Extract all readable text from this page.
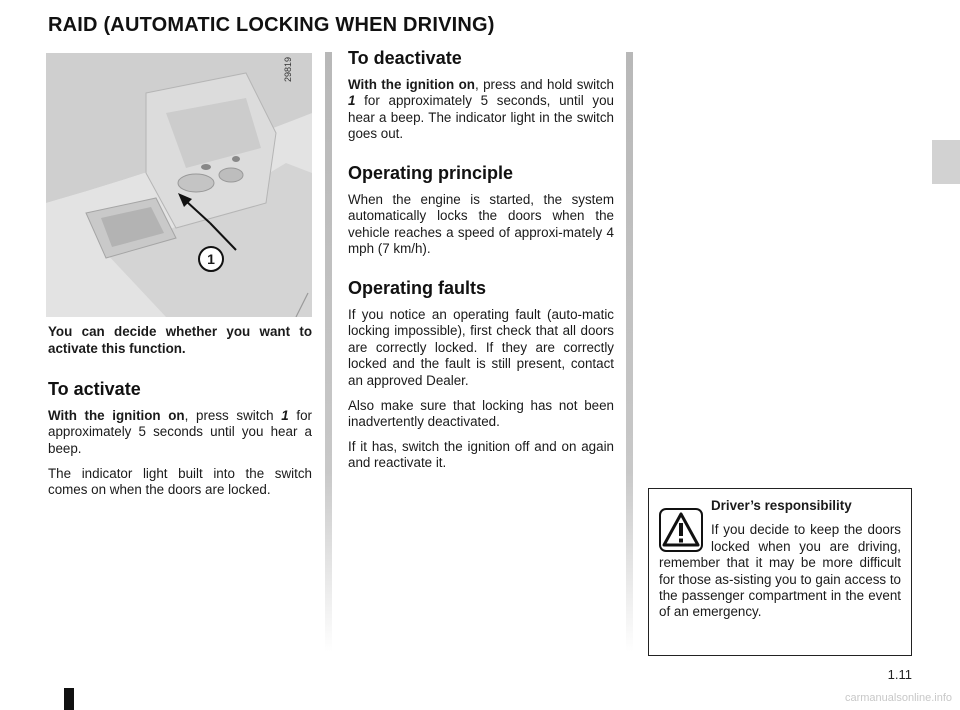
RAID (AUTOMATIC LOCKING WHEN DRIVING)
29819
1

You can decide whether you want to activate this function.

To activate

With the ignition on, press switch 1 for approximately 5 seconds until you hear a beep.

The indicator light built into the switch comes on when the doors are locked.

To deactivate

With the ignition on, press and hold switch 1 for approximately 5 seconds, until you hear a beep. The indicator light in the switch goes out.

Operating principle

When the engine is started, the system automatically locks the doors when the vehicle reaches a speed of approxi-mately 4 mph (7 km/h).

Operating faults

If you notice an operating fault (auto-matic locking impossible), first check that all doors are correctly locked. If they are correctly locked and the fault is still present, contact an approved Dealer.

Also make sure that locking has not been inadvertently deactivated.

If it has, switch the ignition off and on again and reactivate it.

Driver’s responsibility

If you decide to keep the doors locked when you are driving, remember that it may be more difficult for those as-sisting you to gain access to the passenger compartment in the event of an emergency.

1.11
carmanualsonline.info
